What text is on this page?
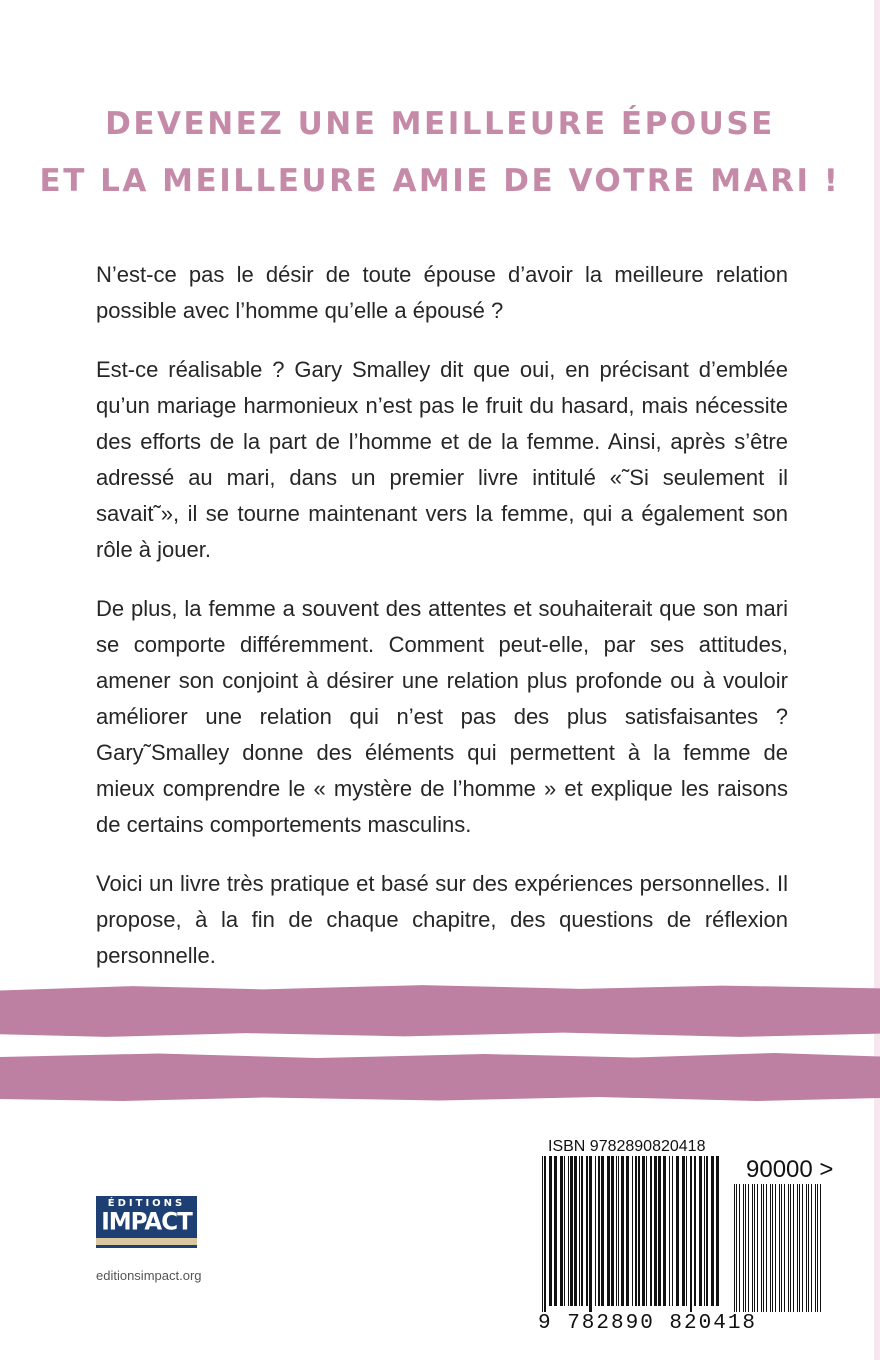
DEVENEZ UNE MEILLEURE ÉPOUSE
ET LA MEILLEURE AMIE DE VOTRE MARI !

N’est-ce pas le désir de toute épouse d’avoir la meilleure relation possible avec l’homme qu’elle a épousé ?

Est-ce réalisable ? Gary Smalley dit que oui, en précisant d’emblée qu’un mariage harmonieux n’est pas le fruit du hasard, mais nécessite des efforts de la part de l’homme et de la femme. Ainsi, après s’être adressé au mari, dans un premier livre intitulé «˜Si seulement il savait˜», il se tourne maintenant vers la femme, qui a également son rôle à jouer.

De plus, la femme a souvent des attentes et souhaiterait que son mari se comporte différemment. Comment peut-elle, par ses attitudes, amener son conjoint à désirer une relation plus profonde ou à vouloir améliorer une relation qui n’est pas des plus satisfaisantes ? Gary˜Smalley donne des éléments qui permettent à la femme de mieux comprendre le « mystère de l’homme » et explique les raisons de certains comportements masculins.

Voici un livre très pratique et basé sur des expériences personnelles. Il propose, à la fin de chaque chapitre, des questions de réflexion personnelle.

ÉDITIONS
IMPACT
editionsimpact.org
ISBN 9782890820418
90000 >
9 782890 820418
